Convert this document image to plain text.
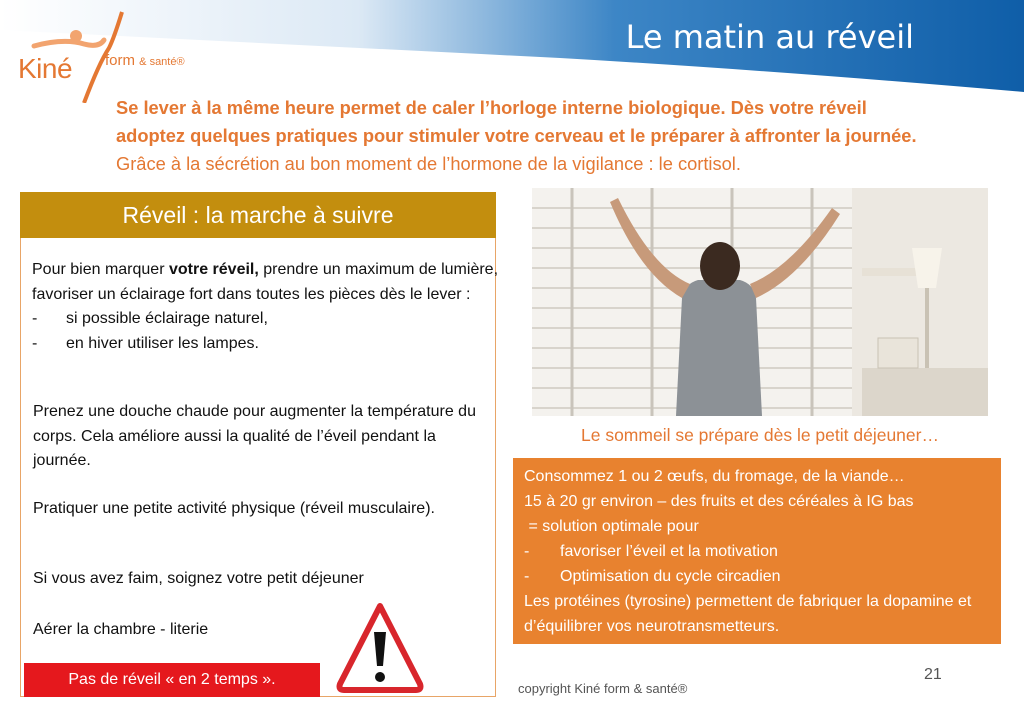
Kiné form & santé®
Le matin au réveil
Se lever à la même heure permet de caler l’horloge interne biologique. Dès votre réveil
adoptez quelques pratiques pour stimuler votre cerveau et le préparer à affronter la journée.
Grâce à la sécrétion au bon moment de l’hormone de la vigilance : le cortisol.
Réveil : la marche à suivre
Pour bien marquer votre réveil, prendre un maximum de lumière, favoriser un éclairage fort dans toutes les pièces dès le lever :
-	si possible éclairage naturel,
-	en hiver utiliser les lampes.
Prenez une douche chaude pour augmenter la température du corps. Cela améliore aussi la qualité de l’éveil pendant la journée.
Pratiquer une petite activité physique (réveil musculaire).
Si vous avez faim, soignez votre petit déjeuner
Aérer la chambre - literie
Pas de réveil « en 2 temps ».
Le sommeil se prépare dès le petit déjeuner…
Consommez 1 ou 2 œufs, du fromage, de la viande…
15 à 20 gr environ – des fruits et des céréales à IG bas
= solution optimale pour
-	favoriser l’éveil et la motivation
-	Optimisation du cycle circadien
Les protéines (tyrosine) permettent de fabriquer la dopamine et d’équilibrer vos neurotransmetteurs.
21
copyright Kiné form & santé®
